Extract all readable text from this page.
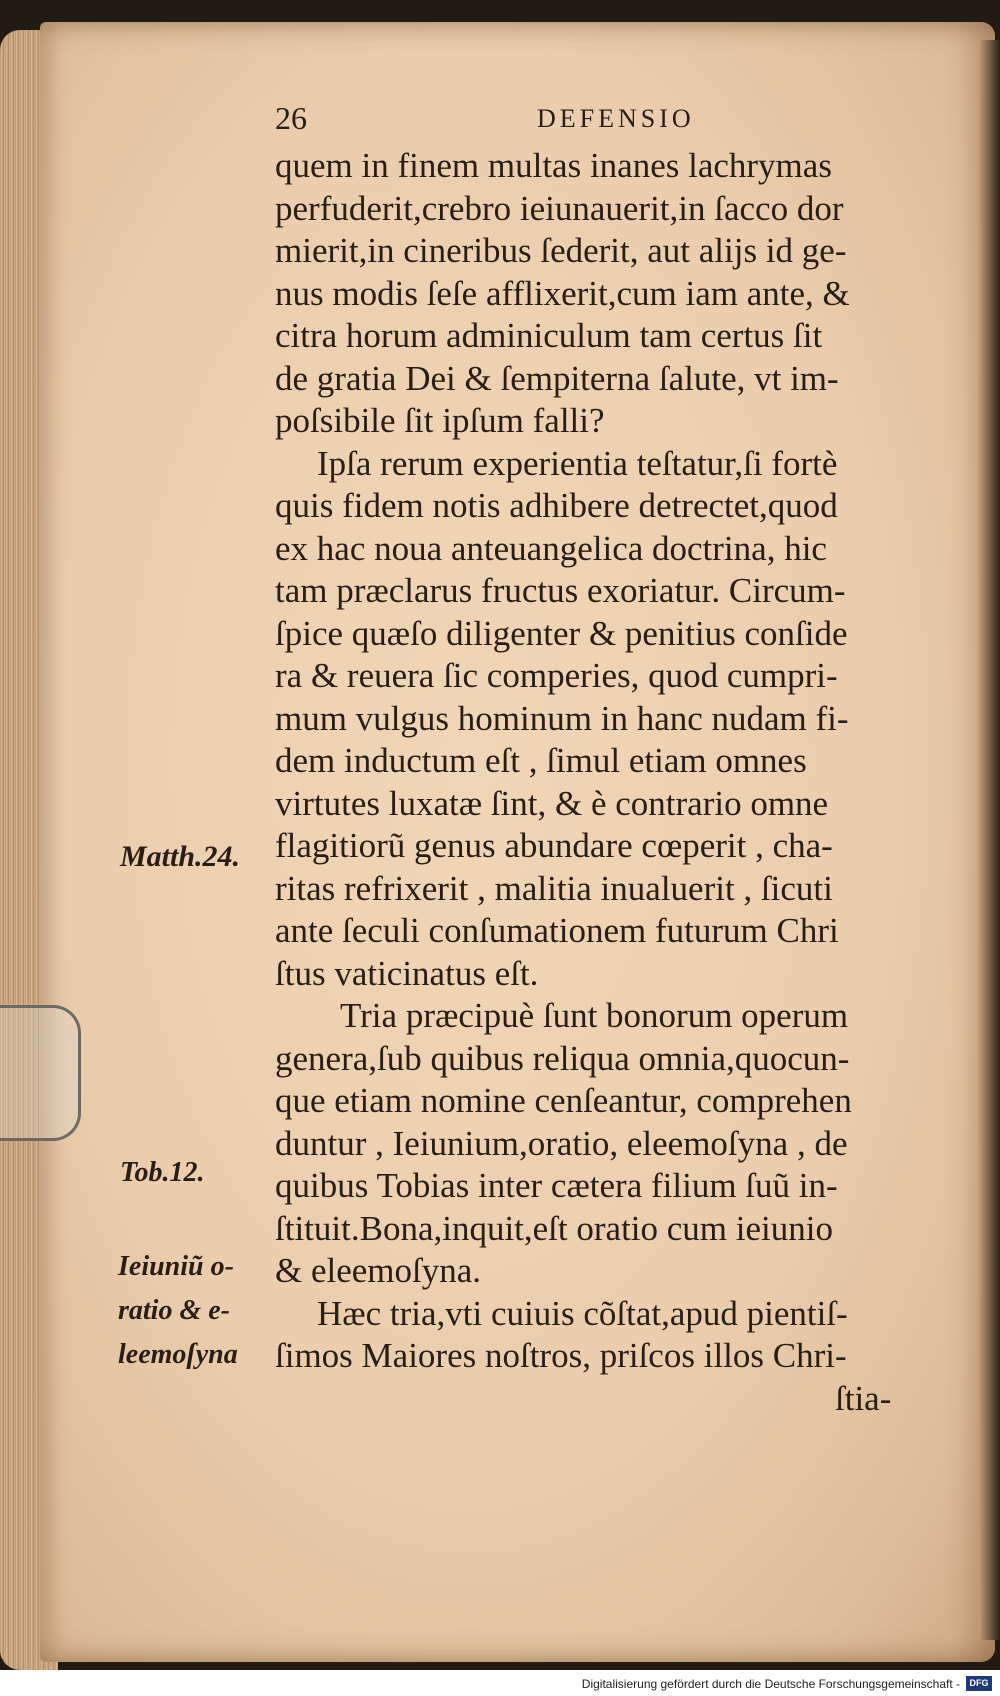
26	DEFENSIO
quem in finem multas inanes lachrymas
perfuderit,crebro ieiunauerit,in ſacco dor
mierit,in cineribus ſederit, aut alijs id ge-
nus modis ſeſe afflixerit,cum iam ante, &
citra horum adminiculum tam certus ſit
de gratia Dei & ſempiterna ſalute, vt im-
poſsibile ſit ipſum falli?
Ipſa rerum experientia teſtatur,ſi fortè
quis fidem notis adhibere detrectet,quod
ex hac noua anteuangelica doctrina, hic
tam præclarus fructus exoriatur. Circum-
ſpice quæſo diligenter & penitius conſide
ra & reuera ſic comperies, quod cumpri-
mum vulgus hominum in hanc nudam fi-
dem inductum eſt , ſimul etiam omnes
virtutes luxatæ ſint, & è contrario omne
flagitiorũ genus abundare cœperit , cha-
ritas refrixerit , malitia inualuerit , ſicuti
ante ſeculi conſumationem futurum Chri
ſtus vaticinatus eſt.
Tria præcipuè ſunt bonorum operum
genera,ſub quibus reliqua omnia,quocun-
que etiam nomine cenſeantur, comprehen
duntur , Ieiunium,oratio, eleemoſyna , de
quibus Tobias inter cætera filium ſuũ in-
ſtituit.Bona,inquit,eſt oratio cum ieiunio
& eleemoſyna.
Hæc tria,vti cuiuis cõſtat,apud pientiſ-
ſimos Maiores noſtros, priſcos illos Chri-
ſtia-
Matth.24.
Tob.12.
Ieiuniũ o-
ratio & e-
leemoſyna
Digitalisierung gefördert durch die Deutsche Forschungsgemeinschaft -	DFG
